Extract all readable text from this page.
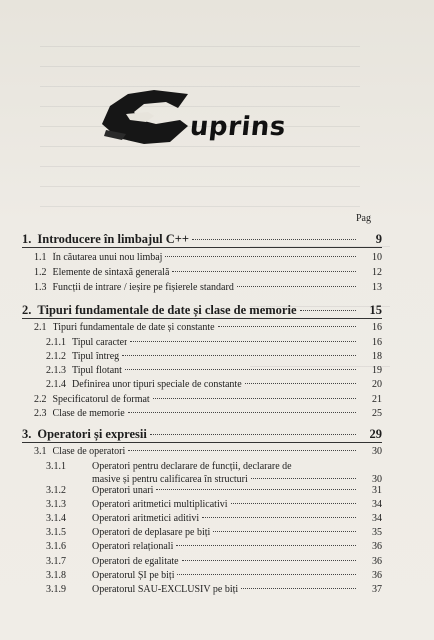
uprins
Pag
1. Introducere în limbajul C++	9
1.1 În căutarea unui nou limbaj	10
1.2 Elemente de sintaxă generală	12
1.3 Funcții de intrare / ieșire pe fișierele standard	13
2. Tipuri fundamentale de date și clase de memorie	15
2.1 Tipuri fundamentale de date și constante	16
2.1.1 Tipul caracter	16
2.1.2 Tipul întreg	18
2.1.3 Tipul flotant	19
2.1.4 Definirea unor tipuri speciale de constante	20
2.2 Specificatorul de format	21
2.3 Clase de memorie	25
3. Operatori și expresii	29
3.1 Clase de operatori	30
3.1.1	Operatori pentru declarare de funcții, declarare de
masive și pentru calificarea în structuri	30
3.1.2	Operatori unari	31
3.1.3	Operatori aritmetici multiplicativi	34
3.1.4	Operatori aritmetici aditivi	34
3.1.5	Operatori de deplasare pe biți	35
3.1.6	Operatori relaționali	36
3.1.7	Operatori de egalitate	36
3.1.8	Operatorul ȘI pe biți	36
3.1.9	Operatorul SAU-EXCLUSIV pe biți	37
